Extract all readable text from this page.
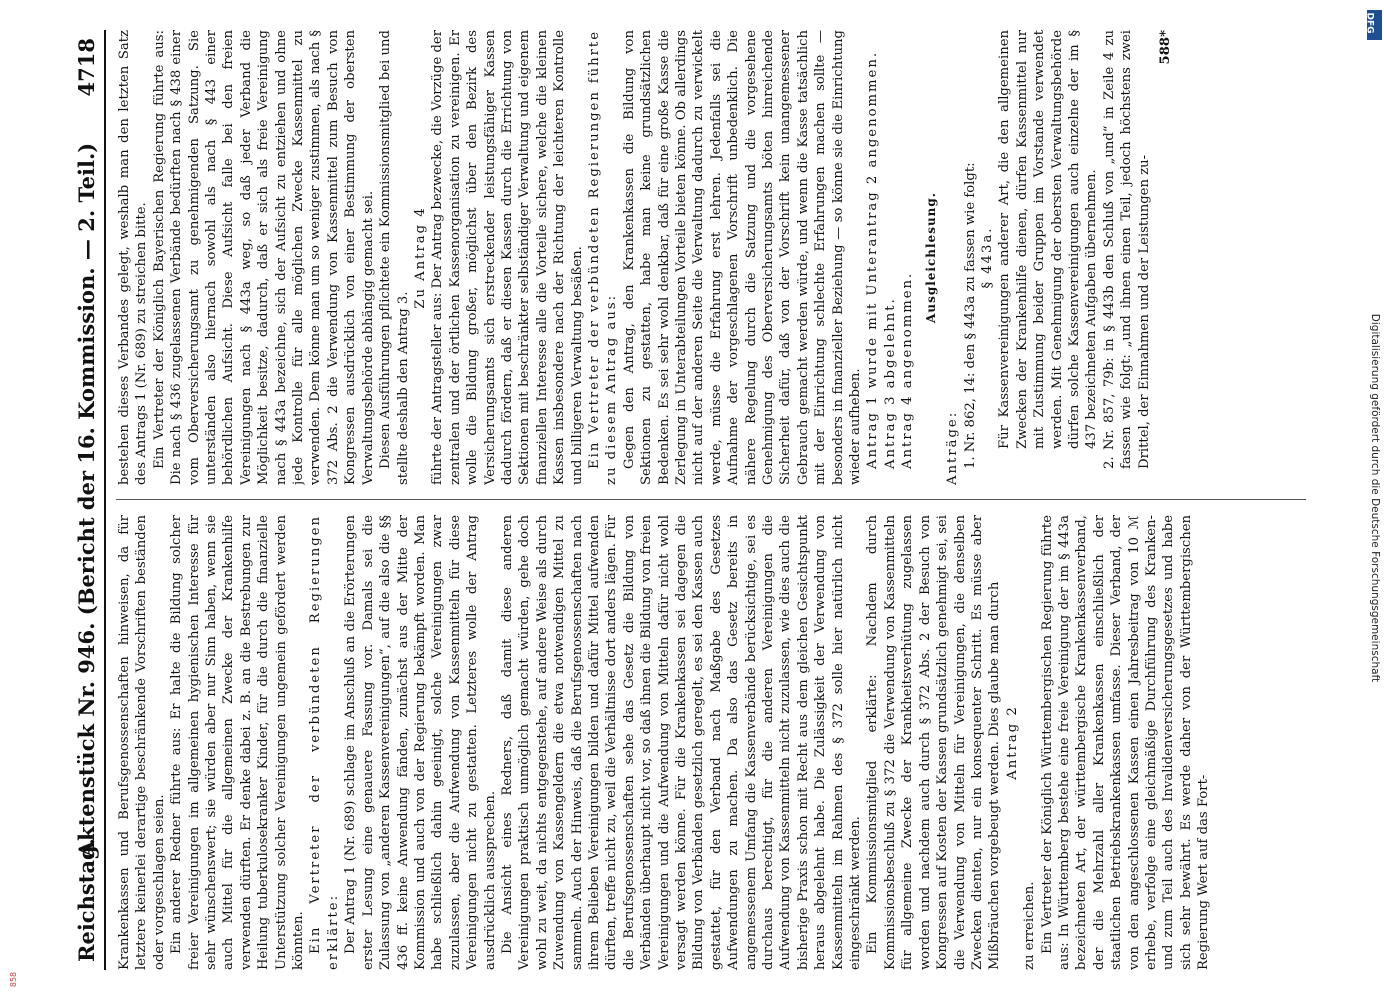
Reichstag.
Aktenstück Nr. 946. (Bericht der 16. Kommission. — 2. Teil.)
4718

Krankenkassen und Berufsgenossenschaften hinweisen, da für letztere keinerlei derartige beschränkende Vorschriften beständen oder vorgeschlagen seien. Ein anderer Redner führte aus: Er halte die Bildung solcher freier Vereinigungen im allgemeinen hygienischen Interesse für sehr wünschenswert; sie würden aber nur Sinn haben, wenn sie auch Mittel für die allgemeinen Zwecke der Krankenhilfe verwenden dürften. Er denke dabei z. B. an die Bestrebungen zur Heilung tuberkulosekranker Kinder, für die durch die finanzielle Unterstützung solcher Vereinigungen ungemein gefördert werden könnten. Ein Vertreter der verbündeten Regierungen erklärte: Der Antrag 1 (Nr. 689) schlage im Anschluß an die Erörterungen erster Lesung eine genauere Fassung vor. Damals sei die Zulassung von „anderen Kassenvereinigungen“, auf die also die §§ 436 ff. keine Anwendung fänden, zunächst aus der Mitte der Kommission und auch von der Regierung bekämpft worden. Man habe schließlich dahin geeinigt, solche Vereinigungen zwar zuzulassen, aber die Aufwendung von Kassenmitteln für diese Vereinigungen nicht zu gestatten. Letzteres wolle der Antrag ausdrücklich aussprechen. Die Ansicht eines Redners, daß damit diese anderen Vereinigungen praktisch unmöglich gemacht würden, gehe doch wohl zu weit, da nichts entgegenstehe, auf andere Weise als durch Zuwendung von Kassengeldern die etwa notwendigen Mittel zu sammeln. Auch der Hinweis, daß die Berufsgenossenschaften nach ihrem Belieben Vereinigungen bilden und dafür Mittel aufwenden dürften, treffe nicht zu, weil die Verhältnisse dort anders lägen. Für die Berufsgenossenschaften sehe das Gesetz die Bildung von Verbänden überhaupt nicht vor, so daß ihnen die Bildung von freien Vereinigungen und die Aufwendung von Mitteln dafür nicht wohl versagt werden könne. Für die Krankenkassen sei dagegen die Bildung von Verbänden gesetzlich geregelt, es sei den Kassen auch gestattet, für den Verband nach Maßgabe des Gesetzes Aufwendungen zu machen. Da also das Gesetz bereits in angemessenem Umfang die Kassenverbände berücksichtige, sei es durchaus berechtigt, für die anderen Vereinigungen die Aufwendung von Kassenmitteln nicht zuzulassen, wie dies auch die bisherige Praxis schon mit Recht aus dem gleichen Gesichtspunkt heraus abgelehnt habe. Die Zulässigkeit der Verwendung von Kassenmitteln im Rahmen des § 372 solle hier natürlich nicht eingeschränkt werden. Ein Kommissionsmitglied erklärte: Nachdem durch Kommissionsbeschluß zu § 372 die Verwendung von Kassenmitteln für allgemeine Zwecke der Krankheitsverhütung zugelassen worden und nachdem auch durch § 372 Abs. 2 der Besuch von Kongressen auf Kosten der Kassen grundsätzlich genehmigt sei, sei die Verwendung von Mitteln für Vereinigungen, die denselben Zwecken dienten, nur ein konsequenter Schritt. Es müsse aber Mißbräuchen vorgebeugt werden. Dies glaube man durch Antrag 2

zu erreichen. Ein Vertreter der Königlich Württembergischen Regierung führte aus: In Württemberg bestehe eine freie Vereinigung der im § 443a bezeichneten Art, der württembergische Krankenkassenverband, der die Mehrzahl aller Krankenkassen einschließlich der staatlichen Betriebskrankenkassen umfasse. Dieser Verband, der von den angeschlossenen Kassen einen Jahresbeitrag von 10 ℳ erhebe, verfolge eine gleichmäßige Durchführung des Kranken- und zum Teil auch des Invalidenversicherungsgesetzes und habe sich sehr bewährt. Es werde daher von der Württembergischen Regierung Wert auf das Fort-

bestehen dieses Verbandes gelegt, weshalb man den letzten Satz des Antrags 1 (Nr. 689) zu streichen bitte. Ein Vertreter der Königlich Bayerischen Regierung führte aus: Die nach § 436 zugelassenen Verbände bedürften nach § 438 einer vom Oberversicherungsamt zu genehmigenden Satzung. Sie unterständen also hiernach sowohl als nach § 443 einer behördlichen Aufsicht. Diese Aufsicht falle bei den freien Vereinigungen nach § 443a weg, so daß jeder Verband die Möglichkeit besitze, dadurch, daß er sich als freie Vereinigung nach § 443a bezeichne, sich der Aufsicht zu entziehen und ohne jede Kontrolle für alle möglichen Zwecke Kassenmittel zu verwenden. Dem könne man um so weniger zustimmen, als nach § 372 Abs. 2 die Verwendung von Kassenmittel zum Besuch von Kongressen ausdrücklich von einer Bestimmung der obersten Verwaltungsbehörde abhängig gemacht sei. Diesen Ausführungen pflichtete ein Kommissionsmitglied bei und stellte deshalb den Antrag 3.

Zu Antrag 4 führte der Antragsteller aus: Der Antrag bezwecke, die Vorzüge der zentralen und der örtlichen Kassenorganisation zu vereinigen. Er wolle die Bildung großer, möglichst über den Bezirk des Versicherungsamts sich erstreckender leistungsfähiger Kassen dadurch fördern, daß er diesen Kassen durch die Errichtung von Sektionen mit beschränkter selbständiger Verwaltung und eigenem finanziellen Interesse alle die Vorteile sichere, welche die kleinen Kassen insbesondere nach der Richtung der leichteren Kontrolle und billigeren Verwaltung besäßen. Ein Vertreter der verbündeten Regierungen führte zu diesem Antrag aus: Gegen den Antrag, den Krankenkassen die Bildung von Sektionen zu gestatten, habe man keine grundsätzlichen Bedenken. Es sei sehr wohl denkbar, daß für eine große Kasse die Zerlegung in Unterabteilungen Vorteile bieten könne. Ob allerdings nicht auf der anderen Seite die Verwaltung dadurch zu verwickelt werde, müsse die Erfahrung erst lehren. Jedenfalls sei die Aufnahme der vorgeschlagenen Vorschrift unbedenklich. Die nähere Regelung durch die Satzung und die vorgesehene Genehmigung des Oberversicherungsamts böten hinreichende Sicherheit dafür, daß von der Vorschrift kein unangemessener Gebrauch gemacht werden würde, und wenn die Kasse tatsächlich mit der Einrichtung schlechte Erfahrungen machen sollte — besonders in finanzieller Beziehung — so könne sie die Einrichtung wieder aufheben. Antrag 1 wurde mit Unterantrag 2 angenommen. Antrag 3 abgelehnt. Antrag 4 angenommen.

Ausgleichlesung.

Anträge: 1. Nr. 862, 14: den § 443a zu fassen wie folgt: § 443a. Für Kassenvereinigungen anderer Art, die den allgemeinen Zwecken der Krankenhilfe dienen, dürfen Kassenmittel nur mit Zustimmung beider Gruppen im Vorstande verwendet werden. Mit Genehmigung der obersten Verwaltungsbehörde dürfen solche Kassenvereinigungen auch einzelne der im § 437 bezeichneten Aufgaben übernehmen. 2. Nr. 857, 79b: in § 443b den Schluß von „und“ in Zeile 4 zu fassen wie folgt: „und ihnen einen Teil, jedoch höchstens zwei Drittel, der Einnahmen und der Leistungen zu-

588*

DFG
Digitalisierung gefördert durch die Deutsche Forschungsgemeinschaft
858
